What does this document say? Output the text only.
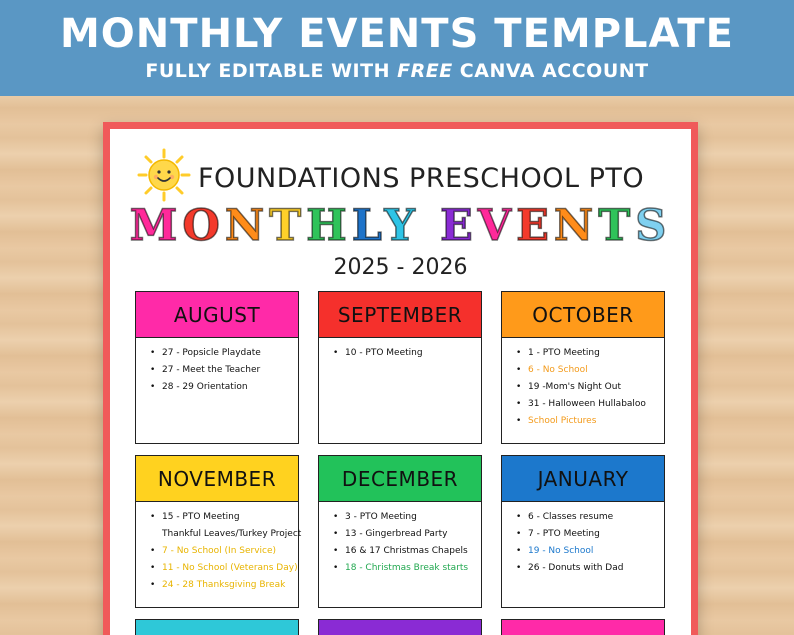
MONTHLY EVENTS TEMPLATE
FULLY EDITABLE WITH FREE CANVA ACCOUNT
FOUNDATIONS PRESCHOOL PTO
MONTHLY EVENTS
2025 - 2026
AUGUST
• 27 - Popsicle Playdate
• 27 - Meet the Teacher
• 28 - 29 Orientation
SEPTEMBER
• 10 - PTO Meeting
OCTOBER
• 1 - PTO Meeting
• 6 - No School
• 19 -Mom's Night Out
• 31 - Halloween Hullabaloo
• School Pictures
NOVEMBER
• 15 - PTO Meeting
Thankful Leaves/Turkey Project
• 7 - No School (In Service)
• 11 - No School (Veterans Day)
• 24 - 28 Thanksgiving Break
DECEMBER
• 3 - PTO Meeting
• 13 - Gingerbread Party
• 16 & 17 Christmas Chapels
• 18 - Christmas Break starts
JANUARY
• 6 - Classes resume
• 7 - PTO Meeting
• 19 - No School
• 26 - Donuts with Dad
